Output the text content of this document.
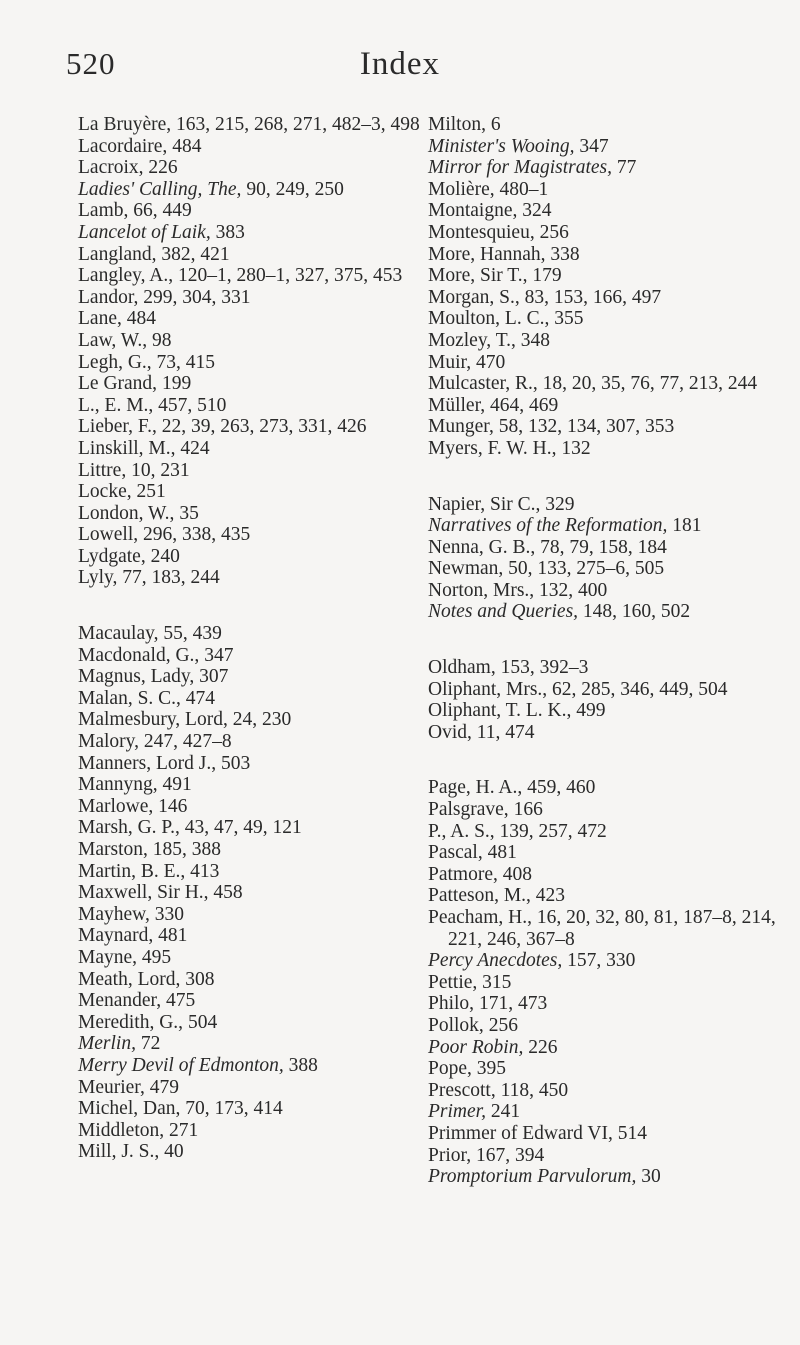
520	Index
La Bruyère, 163, 215, 268, 271, 482–3, 498
Lacordaire, 484
Lacroix, 226
Ladies' Calling, The, 90, 249, 250
Lamb, 66, 449
Lancelot of Laik, 383
Langland, 382, 421
Langley, A., 120–1, 280–1, 327, 375, 453
Landor, 299, 304, 331
Lane, 484
Law, W., 98
Legh, G., 73, 415
Le Grand, 199
L., E. M., 457, 510
Lieber, F., 22, 39, 263, 273, 331, 426
Linskill, M., 424
Littre, 10, 231
Locke, 251
London, W., 35
Lowell, 296, 338, 435
Lydgate, 240
Lyly, 77, 183, 244
Macaulay, 55, 439
Macdonald, G., 347
Magnus, Lady, 307
Malan, S. C., 474
Malmesbury, Lord, 24, 230
Malory, 247, 427–8
Manners, Lord J., 503
Mannyng, 491
Marlowe, 146
Marsh, G. P., 43, 47, 49, 121
Marston, 185, 388
Martin, B. E., 413
Maxwell, Sir H., 458
Mayhew, 330
Maynard, 481
Mayne, 495
Meath, Lord, 308
Menander, 475
Meredith, G., 504
Merlin, 72
Merry Devil of Edmonton, 388
Meurier, 479
Michel, Dan, 70, 173, 414
Middleton, 271
Mill, J. S., 40
Milton, 6
Minister's Wooing, 347
Mirror for Magistrates, 77
Molière, 480–1
Montaigne, 324
Montesquieu, 256
More, Hannah, 338
More, Sir T., 179
Morgan, S., 83, 153, 166, 497
Moulton, L. C., 355
Mozley, T., 348
Muir, 470
Mulcaster, R., 18, 20, 35, 76, 77, 213, 244
Müller, 464, 469
Munger, 58, 132, 134, 307, 353
Myers, F. W. H., 132
Napier, Sir C., 329
Narratives of the Reformation, 181
Nenna, G. B., 78, 79, 158, 184
Newman, 50, 133, 275–6, 505
Norton, Mrs., 132, 400
Notes and Queries, 148, 160, 502
Oldham, 153, 392–3
Oliphant, Mrs., 62, 285, 346, 449, 504
Oliphant, T. L. K., 499
Ovid, 11, 474
Page, H. A., 459, 460
Palsgrave, 166
P., A. S., 139, 257, 472
Pascal, 481
Patmore, 408
Patteson, M., 423
Peacham, H., 16, 20, 32, 80, 81, 187–8, 214, 221, 246, 367–8
Percy Anecdotes, 157, 330
Pettie, 315
Philo, 171, 473
Pollok, 256
Poor Robin, 226
Pope, 395
Prescott, 118, 450
Primer, 241
Primmer of Edward VI, 514
Prior, 167, 394
Promptorium Parvulorum, 30
